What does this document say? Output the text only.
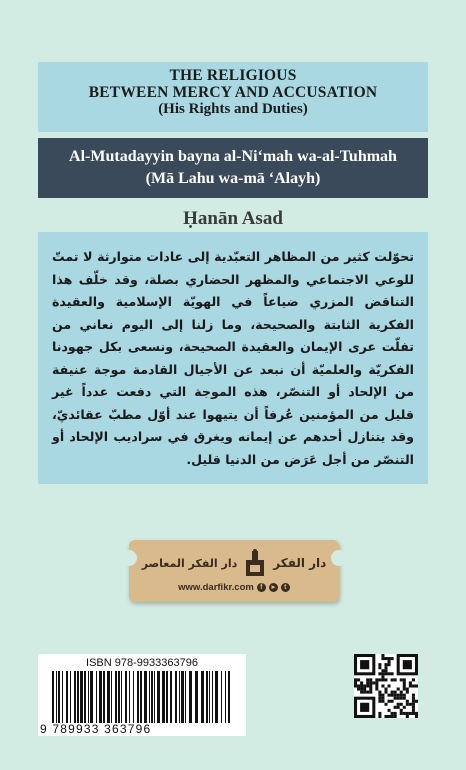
THE RELIGIOUS
BETWEEN MERCY AND ACCUSATION
(His Rights and Duties)
Al-Mutadayyin bayna al-Ni‘mah wa-al-Tuhmah
(Mā Lahu wa-mā ‘Alayh)
Ḥanān Asad
تحوّلت كثير من المظاهر التعبّدية إلى عادات متوارثة لا تمتّ للوعي الاجتماعي والمظهر الحضاري بصلة، وقد خلّف هذا التناقض المزري ضياعاً في الهويّة الإسلامية والعقيدة الفكرية الثابتة والصحيحة، وما زلنا إلى اليوم نعاني من تفلّت عرى الإيمان والعقيدة الصحيحة، ونسعى بكل جهودنا الفكريّة والعلميّة أن نبعد عن الأجيال القادمة موجة عنيفة من الإلحاد أو التنصّر، هذه الموجة التي دفعت عدداً غير قليل من المؤمنين عُرفاً أن يتيهوا عند أوّل مطبّ عقائديّ، وقد يتنازل أحدهم عن إيمانه ويغرق في سراديب الإلحاد أو التنصّر من أجل عَرَض من الدنيا قليل.
دار الفكر
دار الفكر المعاصر
www.darfikr.com f	▸	t
ISBN 978-9933363796
9 789933 363796
